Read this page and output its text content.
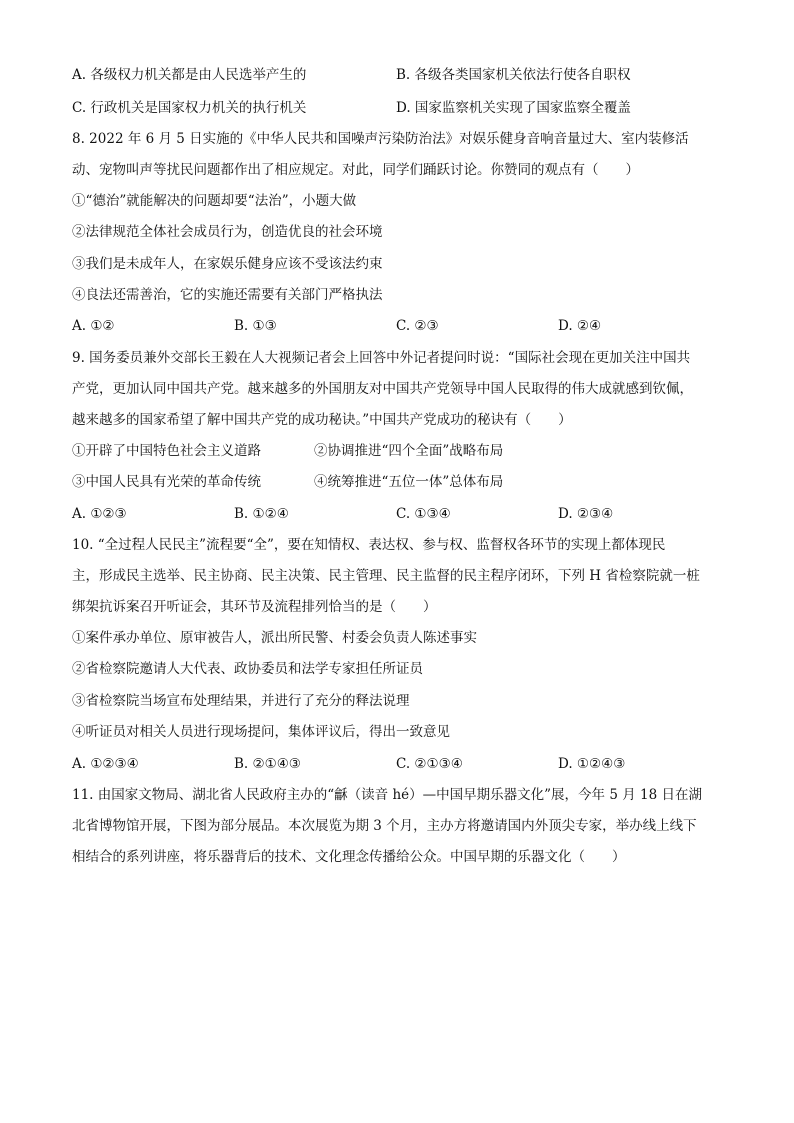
A. 各级权力机关都是由人民选举产生的	B. 各级各类国家机关依法行使各自职权
C. 行政机关是国家权力机关的执行机关	D. 国家监察机关实现了国家监察全覆盖
8. 2022 年 6 月 5 日实施的《中华人民共和国噪声污染防治法》对娱乐健身音响音量过大、室内装修活
动、宠物叫声等扰民问题都作出了相应规定。对此，同学们踊跃讨论。你赞同的观点有（　　）
①“德治”就能解决的问题却要“法治”，小题大做
②法律规范全体社会成员行为，创造优良的社会环境
③我们是未成年人，在家娱乐健身应该不受该法约束
④良法还需善治，它的实施还需要有关部门严格执法
A. ①②	B. ①③	C. ②③	D. ②④
9. 国务委员兼外交部长王毅在人大视频记者会上回答中外记者提问时说：“国际社会现在更加关注中国共
产党，更加认同中国共产党。越来越多的外国朋友对中国共产党领导中国人民取得的伟大成就感到钦佩，
越来越多的国家希望了解中国共产党的成功秘诀。”中国共产党成功的秘诀有（　　）
①开辟了中国特色社会主义道路	②协调推进“四个全面”战略布局
③中国人民具有光荣的革命传统	④统筹推进“五位一体”总体布局
A. ①②③	B. ①②④	C. ①③④	D. ②③④
10. “全过程人民民主”流程要“全”，要在知情权、表达权、参与权、监督权各环节的实现上都体现民
主，形成民主选举、民主协商、民主决策、民主管理、民主监督的民主程序闭环，下列 H 省检察院就一桩
绑架抗诉案召开听证会，其环节及流程排列恰当的是（　　）
①案件承办单位、原审被告人，派出所民警、村委会负责人陈述事实
②省检察院邀请人大代表、政协委员和法学专家担任所证员
③省检察院当场宣布处理结果，并进行了充分的释法说理
④听证员对相关人员进行现场提问，集体评议后，得出一致意见
A. ①②③④	B. ②①④③	C. ②①③④	D. ①②④③
11. 由国家文物局、湖北省人民政府主办的“龢（读音 hé）—中国早期乐器文化”展，今年 5 月 18 日在湖
北省博物馆开展，下图为部分展品。本次展览为期 3 个月，主办方将邀请国内外顶尖专家，举办线上线下
相结合的系列讲座，将乐器背后的技术、文化理念传播给公众。中国早期的乐器文化（　　）
